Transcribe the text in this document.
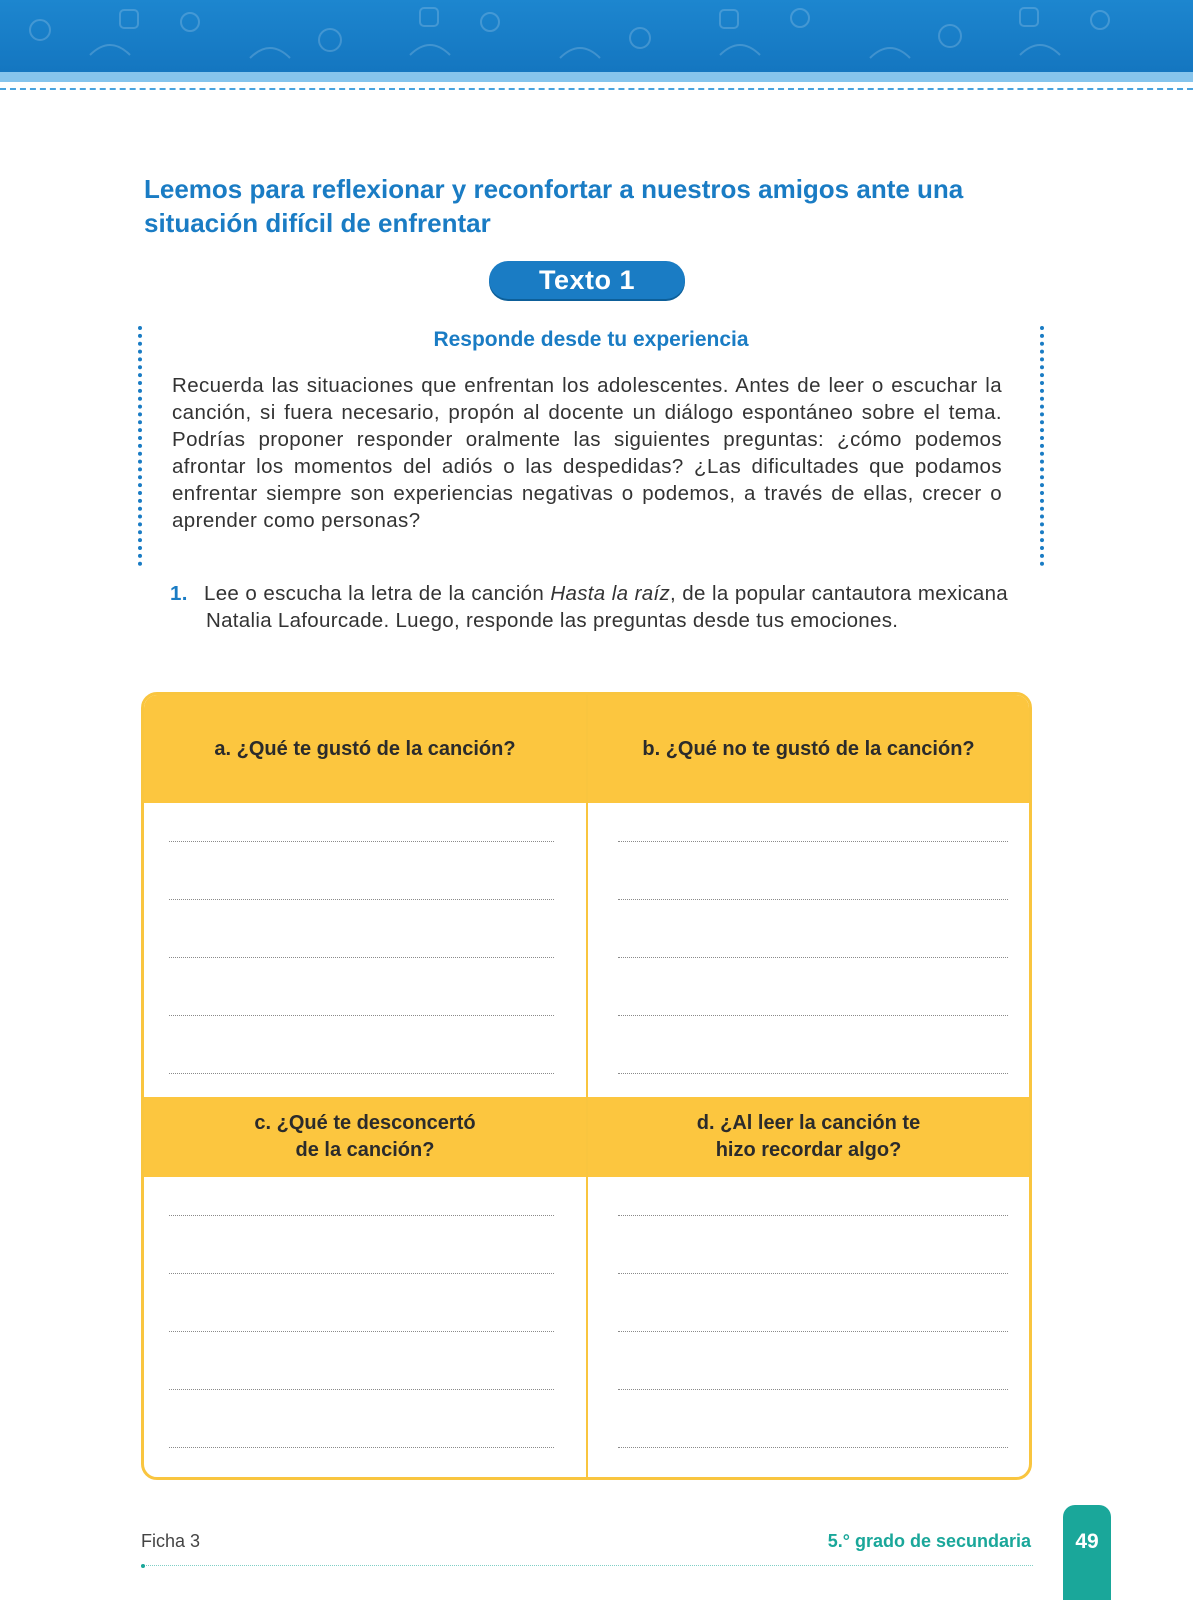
Leemos para reflexionar y reconfortar a nuestros amigos ante una situación difícil de enfrentar
Texto 1
Responde desde tu experiencia
Recuerda las situaciones que enfrentan los adolescentes. Antes de leer o escuchar la canción, si fuera necesario, propón al docente un diálogo espontáneo sobre el tema. Podrías proponer responder oralmente las siguientes preguntas: ¿cómo podemos afrontar los momentos del adiós o las despedidas? ¿Las dificultades que podamos enfrentar siempre son experiencias negativas o podemos, a través de ellas, crecer o aprender como personas?
1. Lee o escucha la letra de la canción Hasta la raíz, de la popular cantautora mexicana Natalia Lafourcade. Luego, responde las preguntas desde tus emociones.
a. ¿Qué te gustó de la canción?	b. ¿Qué no te gustó de la canción?
c. ¿Qué te desconcertó
de la canción?
d. ¿Al leer la canción te
hizo recordar algo?
Ficha 3	5.° grado de secundaria 49
